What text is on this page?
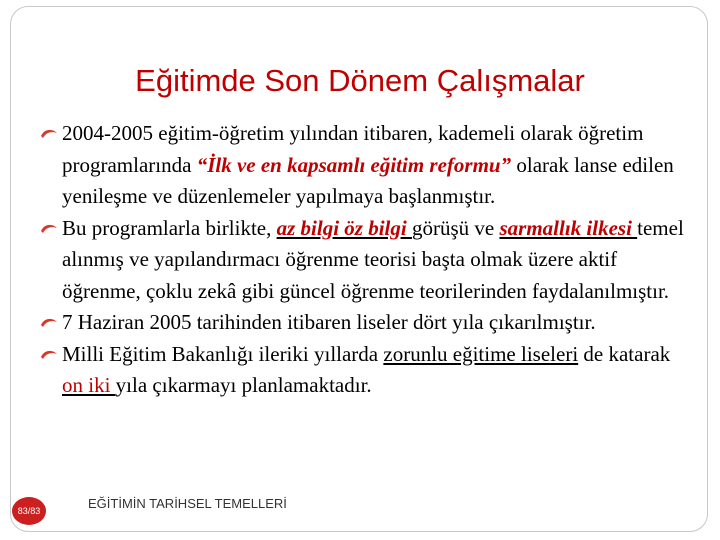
Eğitimde Son Dönem Çalışmalar
2004-2005 eğitim-öğretim yılından itibaren, kademeli olarak öğretim programlarında “İlk ve en kapsamlı eğitim reformu” olarak lanse edilen yenileşme ve düzenlemeler yapılmaya başlanmıştır.
Bu programlarla birlikte, az bilgi öz bilgi görüşü ve sarmallık ilkesi temel alınmış ve yapılandırmacı öğrenme teorisi başta olmak üzere aktif öğrenme, çoklu zekâ gibi güncel öğrenme teorilerinden faydalanılmıştır.
7 Haziran 2005 tarihinden itibaren liseler dört yıla çıkarılmıştır.
Milli Eğitim Bakanlığı ileriki yıllarda zorunlu eğitime liseleri de katarak on iki yıla çıkarmayı planlamaktadır.
83/83	EĞİTİMİN TARİHSEL TEMELLERİ
